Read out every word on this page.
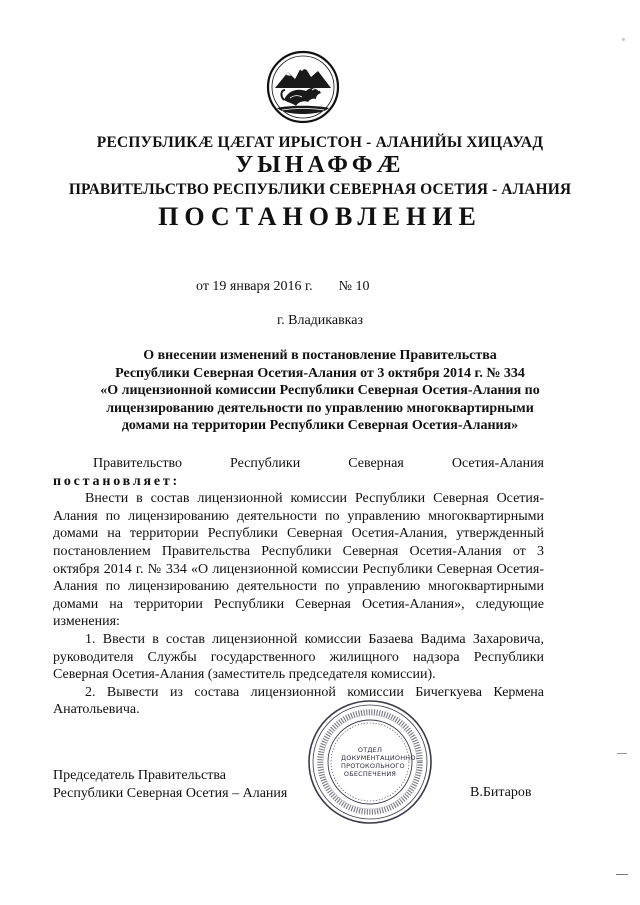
РЕСПУБЛИКÆ ЦÆГАТ ИРЫСТОН - АЛАНИЙЫ ХИЦАУАД
УЫНАФФÆ
ПРАВИТЕЛЬСТВО РЕСПУБЛИКИ СЕВЕРНАЯ ОСЕТИЯ - АЛАНИЯ
ПОСТАНОВЛЕНИЕ
от 19 января 2016 г. № 10
г. Владикавказ
О внесении изменений в постановление Правительства
Республики Северная Осетия-Алания от 3 октября 2014 г. № 334
«О лицензионной комиссии Республики Северная Осетия-Алания по
лицензированию деятельности по управлению многоквартирными
домами на территории Республики Северная Осетия-Алания»

Правительство Республики Северная Осетия-Алания

постановляет:

Внести в состав лицензионной комиссии Республики Северная Осетия-Алания по лицензированию деятельности по управлению многоквартирными домами на территории Республики Северная Осетия-Алания, утвержденный постановлением Правительства Республики Северная Осетия-Алания от 3 октября 2014 г. № 334 «О лицензионной комиссии Республики Северная Осетия-Алания по лицензированию деятельности по управлению многоквартирными домами на территории Республики Северная Осетия-Алания», следующие изменения:

1. Ввести в состав лицензионной комиссии Базаева Вадима Захаровича, руководителя Службы государственного жилищного надзора Республики Северная Осетия-Алания (заместитель председателя комиссии).

2. Вывести из состава лицензионной комиссии Бичегкуева Кермена Анатольевича.

ОТДЕЛ
ДОКУМЕНТАЦИОННО-
ПРОТОКОЛЬНОГО
ОБЕСПЕЧЕНИЯ
Председатель Правительства
Республики Северная Осетия – Алания	В.Битаров
